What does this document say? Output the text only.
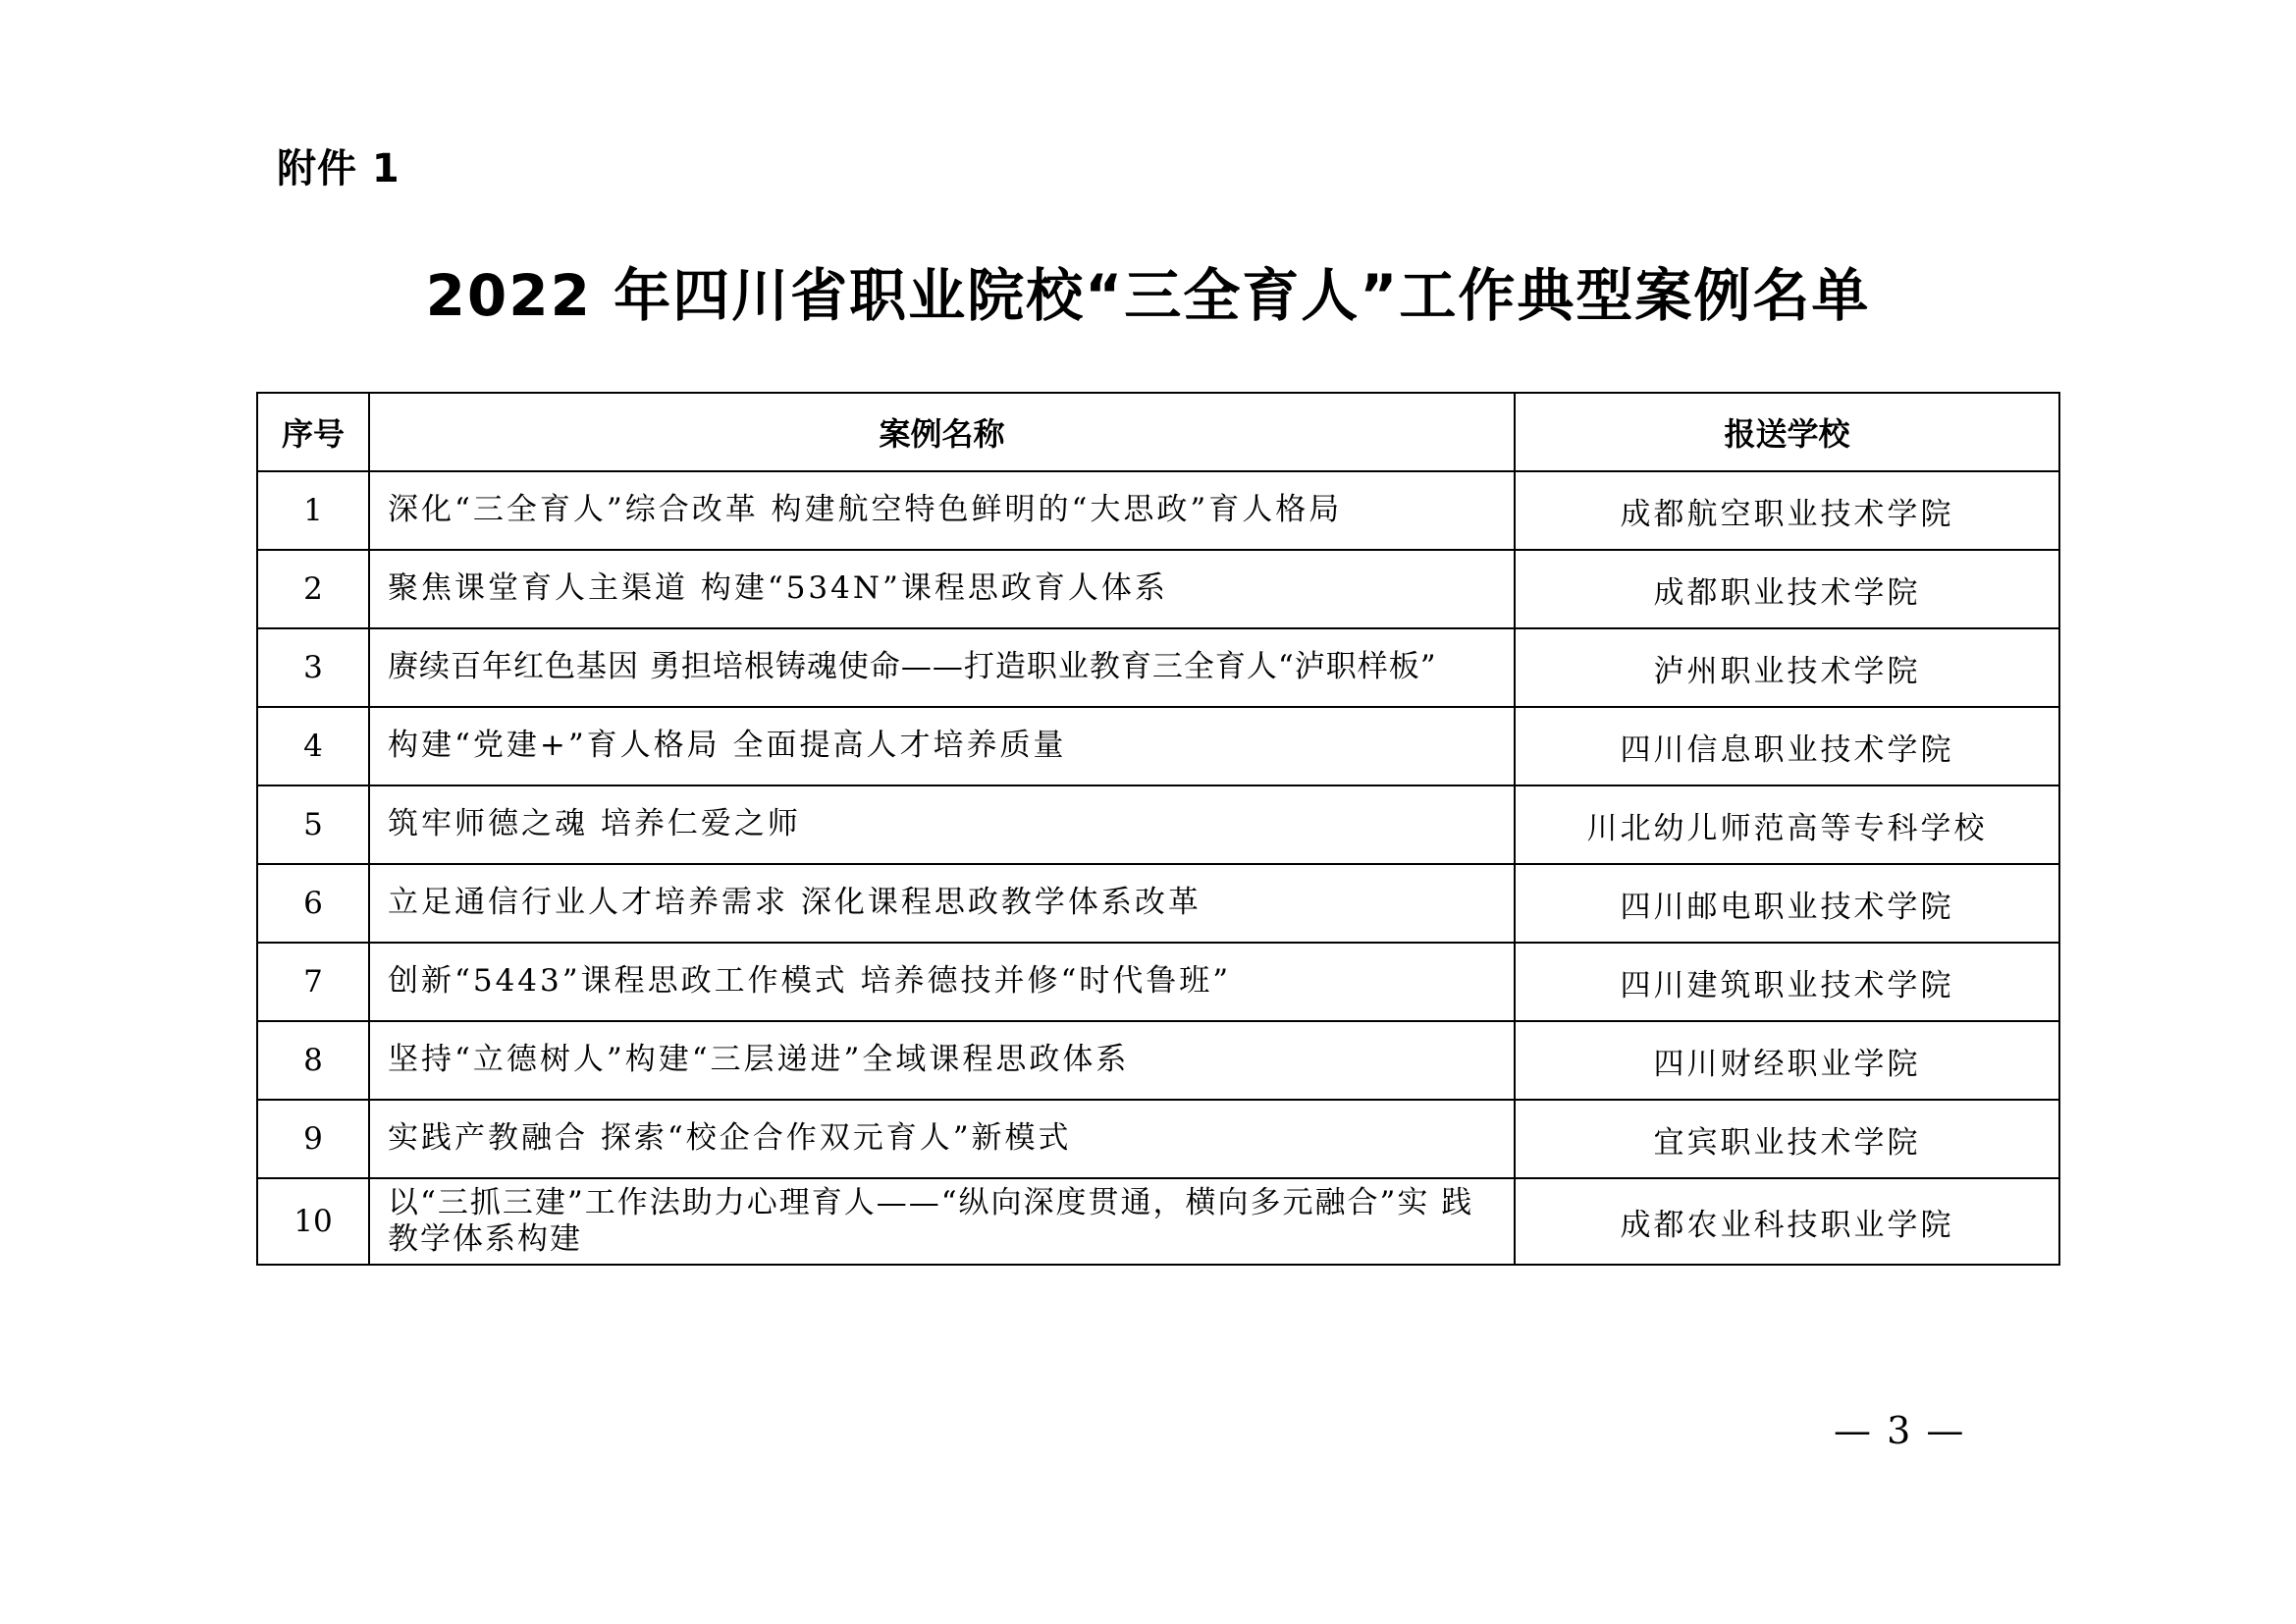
附件 1
2022 年四川省职业院校“三全育人”工作典型案例名单
序号	案例名称	报送学校
1	深化“三全育人”综合改革 构建航空特色鲜明的“大思政”育人格局	成都航空职业技术学院
2	聚焦课堂育人主渠道 构建“534N”课程思政育人体系	成都职业技术学院
3	赓续百年红色基因 勇担培根铸魂使命——打造职业教育三全育人“泸职样板”	泸州职业技术学院
4	构建“党建+”育人格局 全面提高人才培养质量	四川信息职业技术学院
5	筑牢师德之魂 培养仁爱之师	川北幼儿师范高等专科学校
6	立足通信行业人才培养需求 深化课程思政教学体系改革	四川邮电职业技术学院
7	创新“5443”课程思政工作模式 培养德技并修“时代鲁班”	四川建筑职业技术学院
8	坚持“立德树人”构建“三层递进”全域课程思政体系	四川财经职业学院
9	实践产教融合 探索“校企合作双元育人”新模式	宜宾职业技术学院
10	以“三抓三建”工作法助力心理育人——“纵向深度贯通，横向多元融合”实 践教学体系构建	成都农业科技职业学院
— 3 —
